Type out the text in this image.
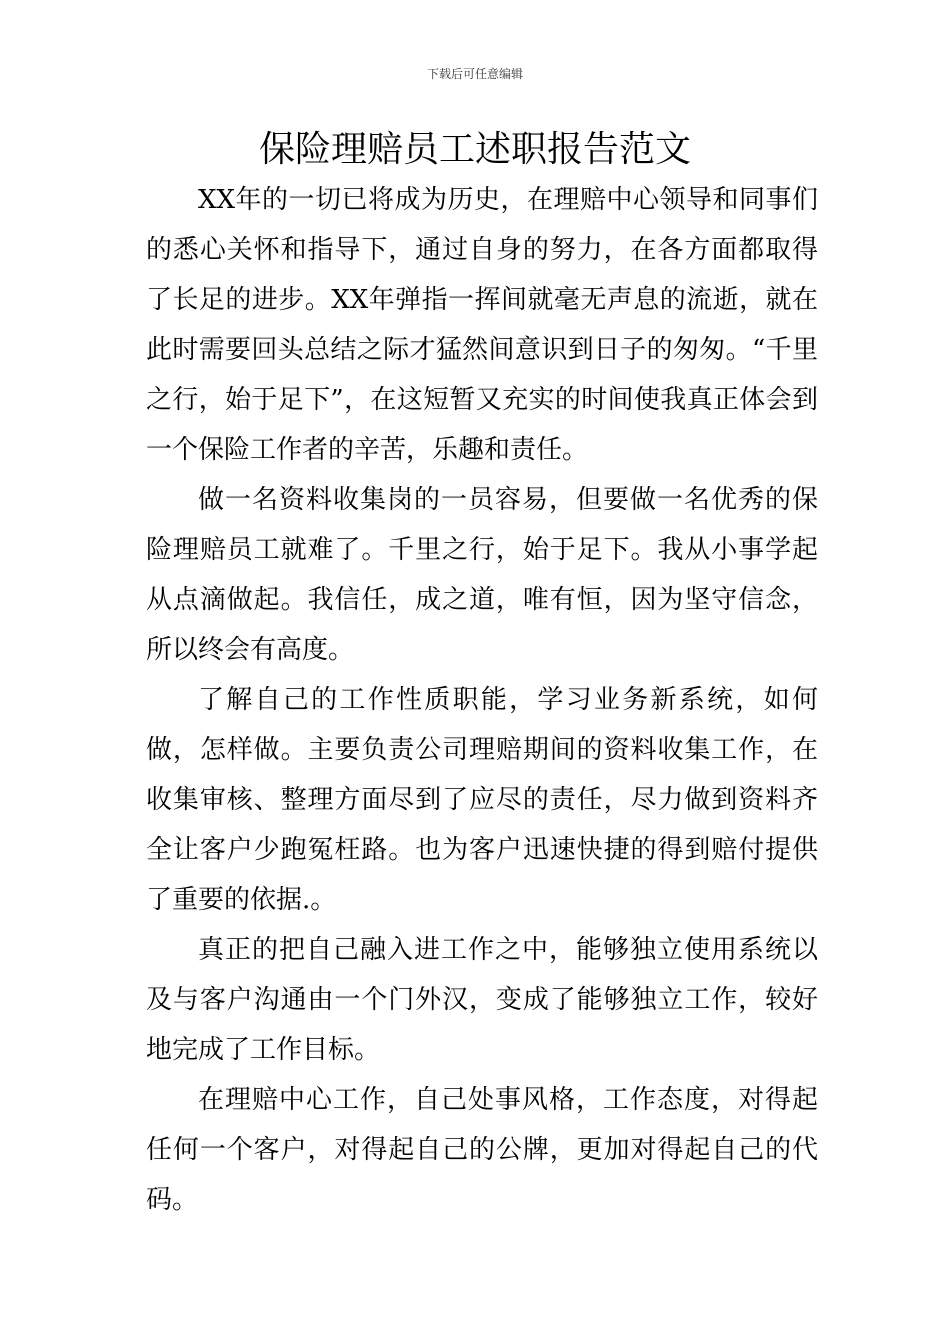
下载后可任意编辑
保险理赔员工述职报告范文

XX年的一切已将成为历史，在理赔中心领导和同事们的悉心关怀和指导下，通过自身的努力，在各方面都取得了长足的进步。XX年弹指一挥间就毫无声息的流逝，就在此时需要回头总结之际才猛然间意识到日子的匆匆。“千里之行，始于足下”，在这短暂又充实的时间使我真正体会到一个保险工作者的辛苦，乐趣和责任。

做一名资料收集岗的一员容易，但要做一名优秀的保险理赔员工就难了。千里之行，始于足下。我从小事学起从点滴做起。我信任，成之道，唯有恒，因为坚守信念，所以终会有高度。

了解自己的工作性质职能，学习业务新系统，如何做，怎样做。主要负责公司理赔期间的资料收集工作，在收集审核、整理方面尽到了应尽的责任，尽力做到资料齐全让客户少跑冤枉路。也为客户迅速快捷的得到赔付提供了重要的依据.。

真正的把自己融入进工作之中，能够独立使用系统以及与客户沟通由一个门外汉，变成了能够独立工作，较好地完成了工作目标。

在理赔中心工作，自己处事风格，工作态度，对得起任何一个客户，对得起自己的公牌，更加对得起自己的代码。
